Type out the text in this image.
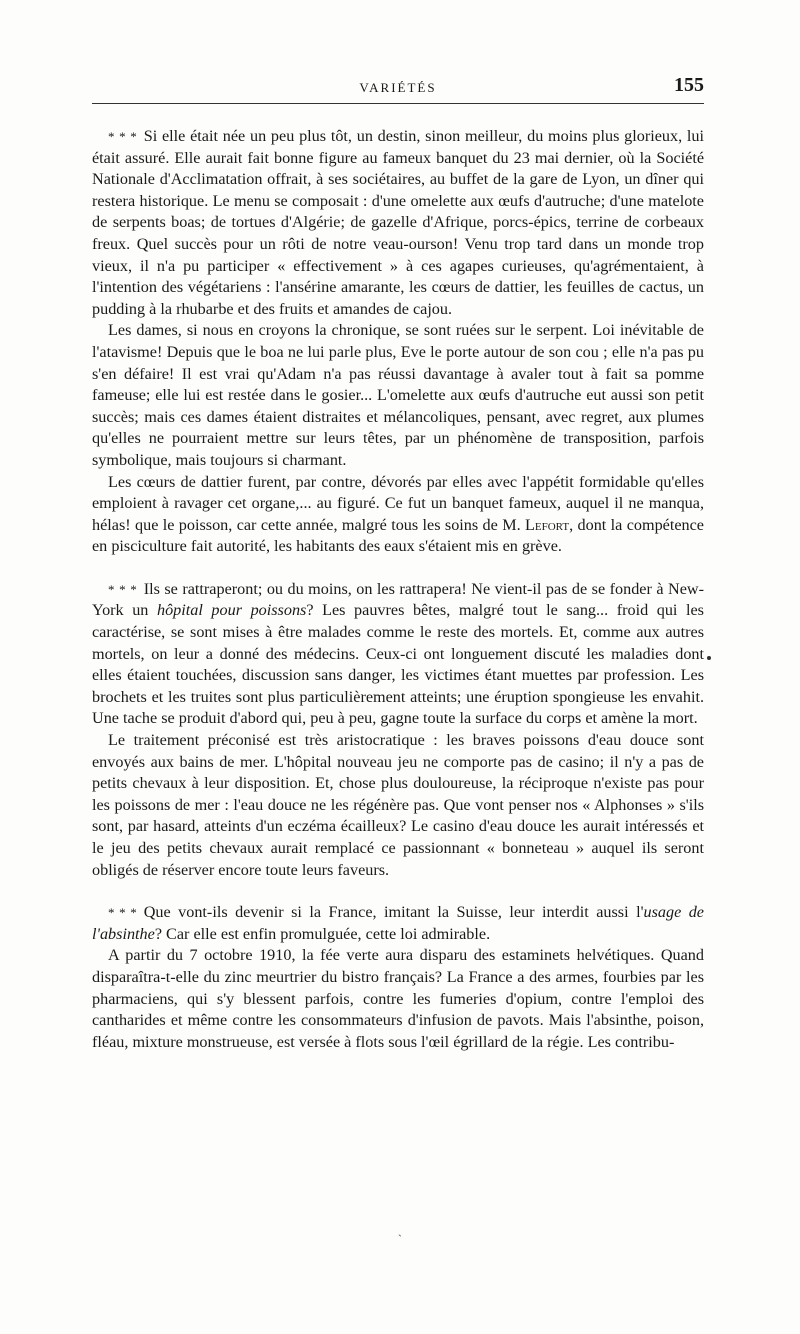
VARIÉTÉS	155

* * * Si elle était née un peu plus tôt, un destin, sinon meilleur, du moins plus glorieux, lui était assuré. Elle aurait fait bonne figure au fameux banquet du 23 mai dernier, où la Société Nationale d'Acclimatation offrait, à ses sociétaires, au buffet de la gare de Lyon, un dîner qui restera historique. Le menu se composait : d'une omelette aux œufs d'autruche; d'une matelote de serpents boas; de tortues d'Algérie; de gazelle d'Afrique, porcs-épics, terrine de corbeaux freux. Quel succès pour un rôti de notre veau-ourson! Venu trop tard dans un monde trop vieux, il n'a pu participer « effectivement » à ces agapes curieuses, qu'agrémentaient, à l'intention des végétariens : l'ansérine amarante, les cœurs de dattier, les feuilles de cactus, un pudding à la rhubarbe et des fruits et amandes de cajou.

Les dames, si nous en croyons la chronique, se sont ruées sur le serpent. Loi inévitable de l'atavisme! Depuis que le boa ne lui parle plus, Eve le porte autour de son cou ; elle n'a pas pu s'en défaire! Il est vrai qu'Adam n'a pas réussi davantage à avaler tout à fait sa pomme fameuse; elle lui est restée dans le gosier... L'omelette aux œufs d'autruche eut aussi son petit succès; mais ces dames étaient distraites et mélancoliques, pensant, avec regret, aux plumes qu'elles ne pourraient mettre sur leurs têtes, par un phénomène de transposition, parfois symbolique, mais toujours si charmant.

Les cœurs de dattier furent, par contre, dévorés par elles avec l'appétit formidable qu'elles emploient à ravager cet organe,... au figuré. Ce fut un banquet fameux, auquel il ne manqua, hélas! que le poisson, car cette année, malgré tous les soins de M. Lefort, dont la compétence en pisciculture fait autorité, les habitants des eaux s'étaient mis en grève.

* * * Ils se rattraperont; ou du moins, on les rattrapera! Ne vient-il pas de se fonder à New-York un hôpital pour poissons? Les pauvres bêtes, malgré tout le sang... froid qui les caractérise, se sont mises à être malades comme le reste des mortels. Et, comme aux autres mortels, on leur a donné des médecins. Ceux-ci ont longuement discuté les maladies dont elles étaient touchées, discussion sans danger, les victimes étant muettes par profession. Les brochets et les truites sont plus particulièrement atteints; une éruption spongieuse les envahit. Une tache se produit d'abord qui, peu à peu, gagne toute la surface du corps et amène la mort.

Le traitement préconisé est très aristocratique : les braves poissons d'eau douce sont envoyés aux bains de mer. L'hôpital nouveau jeu ne comporte pas de casino; il n'y a pas de petits chevaux à leur disposition. Et, chose plus douloureuse, la réciproque n'existe pas pour les poissons de mer : l'eau douce ne les régénère pas. Que vont penser nos « Alphonses » s'ils sont, par hasard, atteints d'un eczéma écailleux? Le casino d'eau douce les aurait intéressés et le jeu des petits chevaux aurait remplacé ce passionnant « bonneteau » auquel ils seront obligés de réserver encore toute leurs faveurs.

* * * Que vont-ils devenir si la France, imitant la Suisse, leur interdit aussi l'usage de l'absinthe? Car elle est enfin promulguée, cette loi admirable.

A partir du 7 octobre 1910, la fée verte aura disparu des estaminets helvétiques. Quand disparaîtra-t-elle du zinc meurtrier du bistro français? La France a des armes, fourbies par les pharmaciens, qui s'y blessent parfois, contre les fumeries d'opium, contre l'emploi des cantharides et même contre les consommateurs d'infusion de pavots. Mais l'absinthe, poison, fléau, mixture monstrueuse, est versée à flots sous l'œil égrillard de la régie. Les contribu-

`
